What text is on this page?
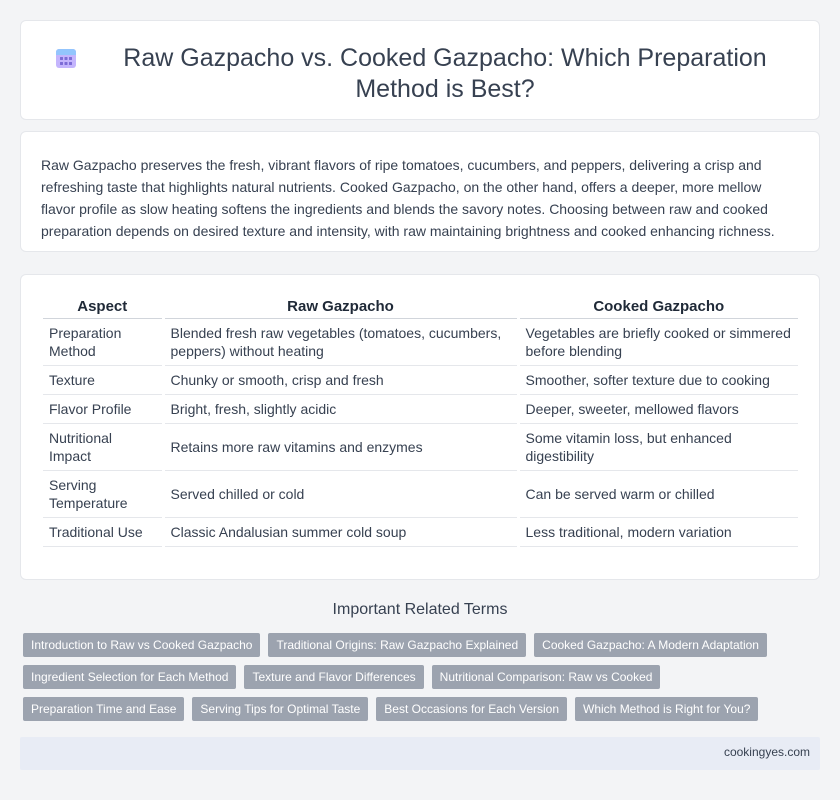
Raw Gazpacho vs. Cooked Gazpacho: Which Preparation Method is Best?

Raw Gazpacho preserves the fresh, vibrant flavors of ripe tomatoes, cucumbers, and peppers, delivering a crisp and refreshing taste that highlights natural nutrients. Cooked Gazpacho, on the other hand, offers a deeper, more mellow flavor profile as slow heating softens the ingredients and blends the savory notes. Choosing between raw and cooked preparation depends on desired texture and intensity, with raw maintaining brightness and cooked enhancing richness.

Aspect	Raw Gazpacho	Cooked Gazpacho
Preparation Method	Blended fresh raw vegetables (tomatoes, cucumbers, peppers) without heating	Vegetables are briefly cooked or simmered before blending
Texture	Chunky or smooth, crisp and fresh	Smoother, softer texture due to cooking
Flavor Profile	Bright, fresh, slightly acidic	Deeper, sweeter, mellowed flavors
Nutritional Impact	Retains more raw vitamins and enzymes	Some vitamin loss, but enhanced digestibility
Serving Temperature	Served chilled or cold	Can be served warm or chilled
Traditional Use	Classic Andalusian summer cold soup	Less traditional, modern variation
Important Related Terms
Introduction to Raw vs Cooked Gazpacho	Traditional Origins: Raw Gazpacho Explained	Cooked Gazpacho: A Modern Adaptation
Ingredient Selection for Each Method	Texture and Flavor Differences	Nutritional Comparison: Raw vs Cooked
Preparation Time and Ease	Serving Tips for Optimal Taste	Best Occasions for Each Version	Which Method is Right for You?
cookingyes.com
